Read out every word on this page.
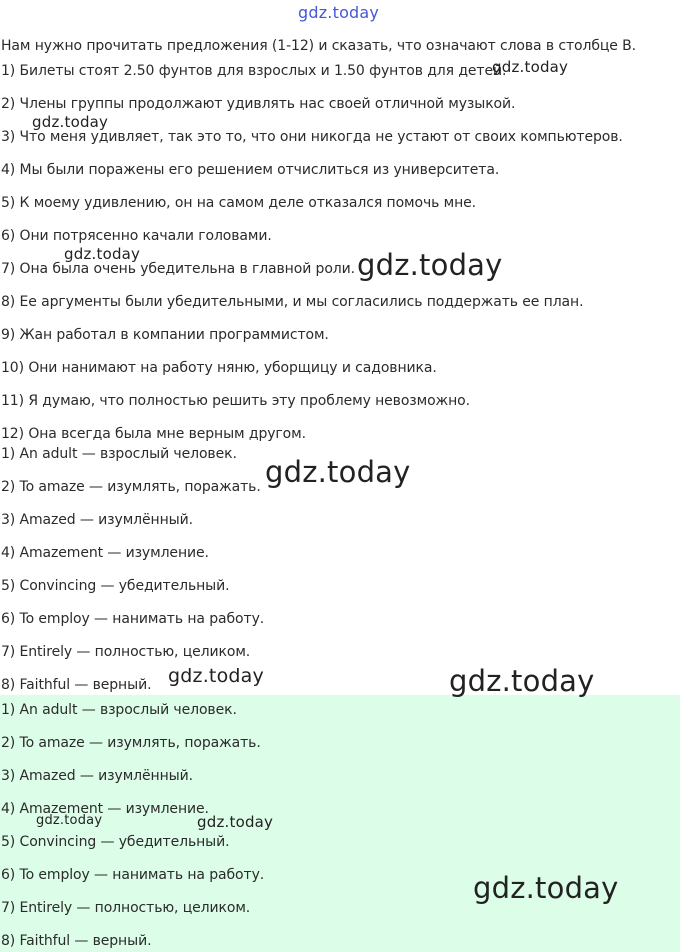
Нам нужно прочитать предложения (1-12) и сказать, что означают слова в столбце B.

1) Билеты стоят 2.50 фунтов для взрослых и 1.50 фунтов для детей.

2) Члены группы продолжают удивлять нас своей отличной музыкой.

3) Что меня удивляет, так это то, что они никогда не устают от своих компьютеров.

4) Мы были поражены его решением отчислиться из университета.

5) К моему удивлению, он на самом деле отказался помочь мне.

6) Они потрясенно качали головами.

7) Она была очень убедительна в главной роли.

8) Ее аргументы были убедительными, и мы согласились поддержать ее план.

9) Жан работал в компании программистом.

10) Они нанимают на работу няню, уборщицу и садовника.

11) Я думаю, что полностью решить эту проблему невозможно.

12) Она всегда была мне верным другом.

1) An adult — взрослый человек.

2) To amaze — изумлять, поражать.

3) Amazed — изумлённый.

4) Amazement — изумление.

5) Convincing — убедительный.

6) To employ — нанимать на работу.

7) Entirely — полностью, целиком.

8) Faithful — верный.

1) An adult — взрослый человек.

2) To amaze — изумлять, поражать.

3) Amazed — изумлённый.

4) Amazement — изумление.

5) Convincing — убедительный.

6) To employ — нанимать на работу.

7) Entirely — полностью, целиком.

8) Faithful — верный.

gdz.today
gdz.today
gdz.today
gdz.today	gdz.today
gdz.today
gdz.today	gdz.today
gdz.today	gdz.today
gdz.today
